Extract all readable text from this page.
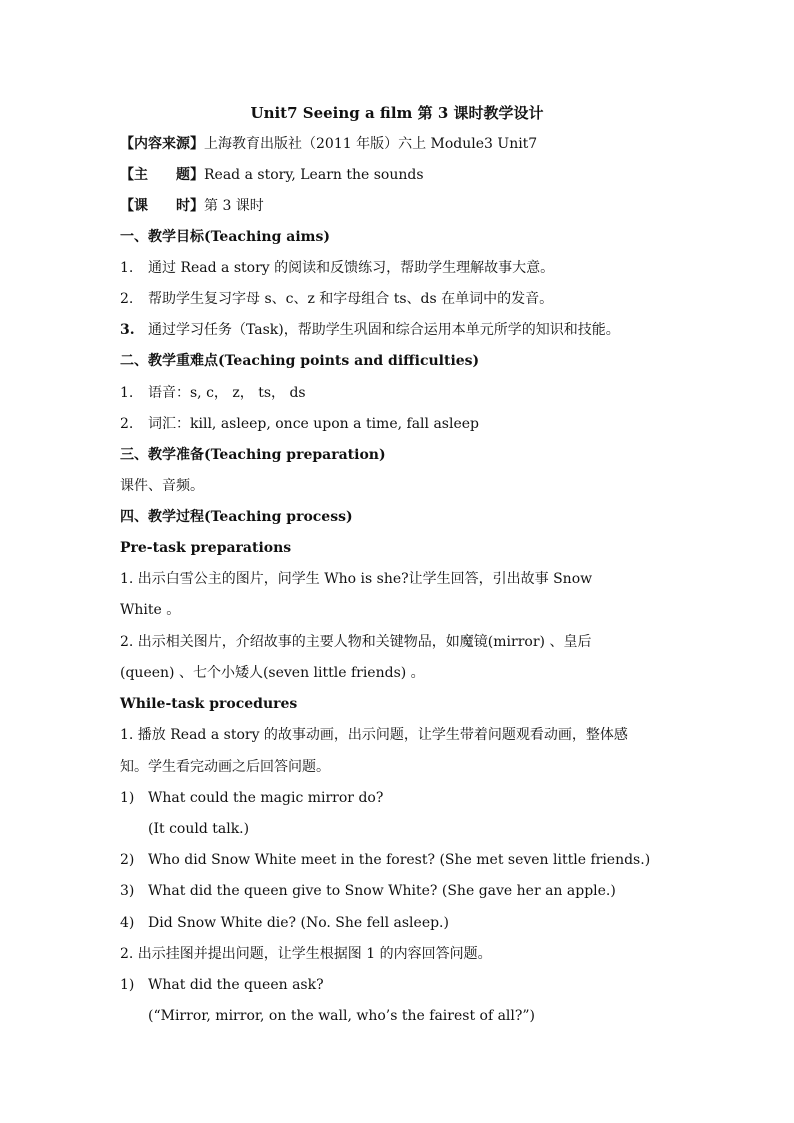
Unit7 Seeing a film 第 3 课时教学设计
【内容来源】上海教育出版社（2011 年版）六上 Module3 Unit7
【主　　题】Read a story, Learn the sounds
【课　　时】第 3 课时
一、教学目标(Teaching aims)
1. 通过 Read a story 的阅读和反馈练习，帮助学生理解故事大意。
2. 帮助学生复习字母 s、c、z 和字母组合 ts、ds 在单词中的发音。
3. 通过学习任务（Task)，帮助学生巩固和综合运用本单元所学的知识和技能。
二、教学重难点(Teaching points and difficulties)
1. 语音：s, c， z， ts， ds
2. 词汇：kill, asleep, once upon a time, fall asleep
三、教学准备(Teaching preparation)
课件、音频。
四、教学过程(Teaching process)
Pre-task preparations
1. 出示白雪公主的图片，问学生 Who is she?让学生回答，引出故事 Snow
White 。
2. 出示相关图片，介绍故事的主要人物和关键物品，如魔镜(mirror) 、皇后
(queen) 、七个小矮人(seven little friends) 。
While-task procedures
1. 播放 Read a story 的故事动画，出示问题，让学生带着问题观看动画，整体感
知。学生看完动画之后回答问题。
1) What could the magic mirror do?
(It could talk.)
2) Who did Snow White meet in the forest? (She met seven little friends.)
3) What did the queen give to Snow White? (She gave her an apple.)
4) Did Snow White die? (No. She fell asleep.)
2. 出示挂图并提出问题，让学生根据图 1 的内容回答问题。
1) What did the queen ask?
(“Mirror, mirror, on the wall, who’s the fairest of all?”)
